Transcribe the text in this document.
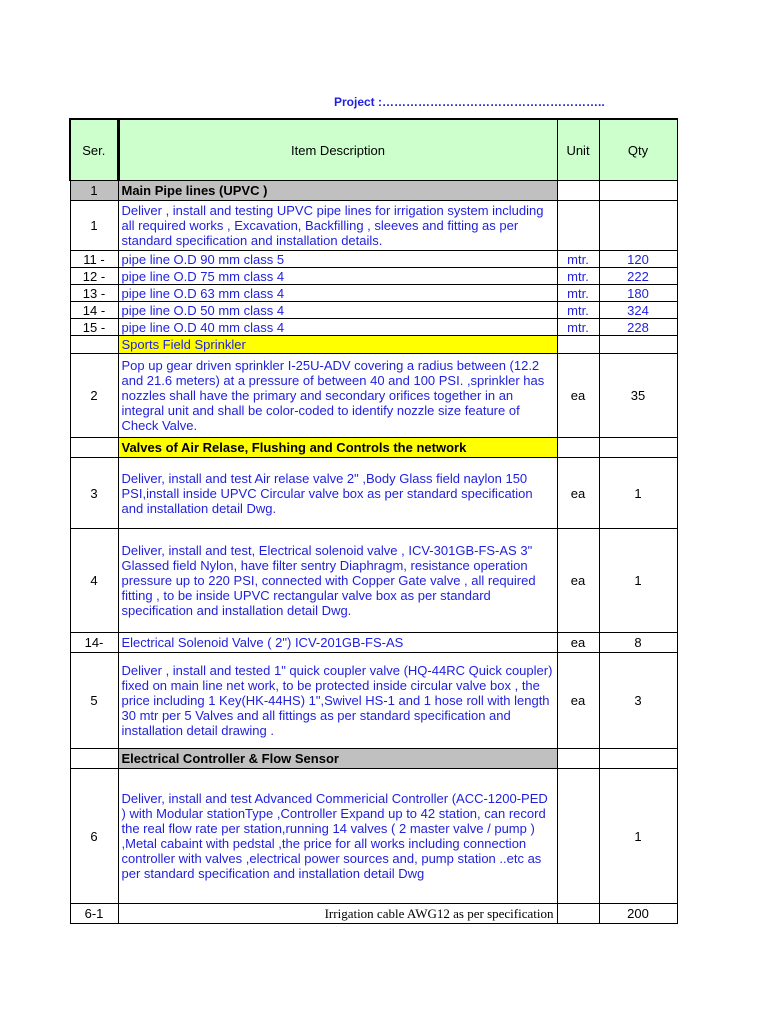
Project :………………………………………………..
Ser.	Item Description	Unit	Qty
1	Main Pipe lines (UPVC )		
1	Deliver , install and testing UPVC pipe lines for irrigation system including all required works , Excavation, Backfilling , sleeves and fitting as per standard specification and installation details.		
11 -	pipe line O.D 90 mm class 5	mtr.	120
12 -	pipe line O.D 75 mm class 4	mtr.	222
13 -	pipe line O.D 63 mm class 4	mtr.	180
14 -	pipe line O.D 50 mm class 4	mtr.	324
15 -	pipe line O.D 40 mm class 4	mtr.	228
	Sports Field Sprinkler		
2	Pop up gear driven sprinkler I-25U-ADV covering a radius between (12.2 and 21.6 meters) at a pressure of between 40 and 100 PSI. ,sprinkler has nozzles shall have the primary and secondary orifices together in an integral unit and shall be color-coded to identify nozzle size feature of Check Valve.	ea	35
	Valves of Air Relase, Flushing and Controls the network		
3	Deliver, install and test Air relase valve 2" ,Body Glass field naylon 150 PSI,install inside UPVC Circular valve box as per standard specification and installation detail Dwg.	ea	1
4	Deliver, install and test, Electrical solenoid valve , ICV-301GB-FS-AS 3" Glassed field Nylon, have filter sentry Diaphragm, resistance operation pressure up to 220 PSI, connected with Copper Gate valve , all required fitting , to be inside UPVC rectangular valve box as per standard specification and installation detail Dwg.	ea	1
14-	Electrical Solenoid Valve ( 2") ICV-201GB-FS-AS	ea	8
5	Deliver , install and tested 1" quick coupler valve (HQ-44RC Quick coupler) fixed on main line net work, to be protected inside circular valve box , the price including 1 Key(HK-44HS) 1",Swivel HS-1 and 1 hose roll with length 30 mtr per 5 Valves and all fittings as per standard specification and installation detail drawing .	ea	3
	Electrical Controller & Flow Sensor		
6	Deliver, install and test Advanced Commericial Controller (ACC-1200-PED ) with Modular stationType ,Controller Expand up to 42 station, can record the real flow rate per station,running 14 valves ( 2 master valve / pump ) ,Metal cabaint with pedstal ,the price for all works including connection controller with valves ,electrical power sources and, pump station ..etc as per standard specification and installation detail Dwg		1
6-1	Irrigation cable AWG12 as per specification		200
